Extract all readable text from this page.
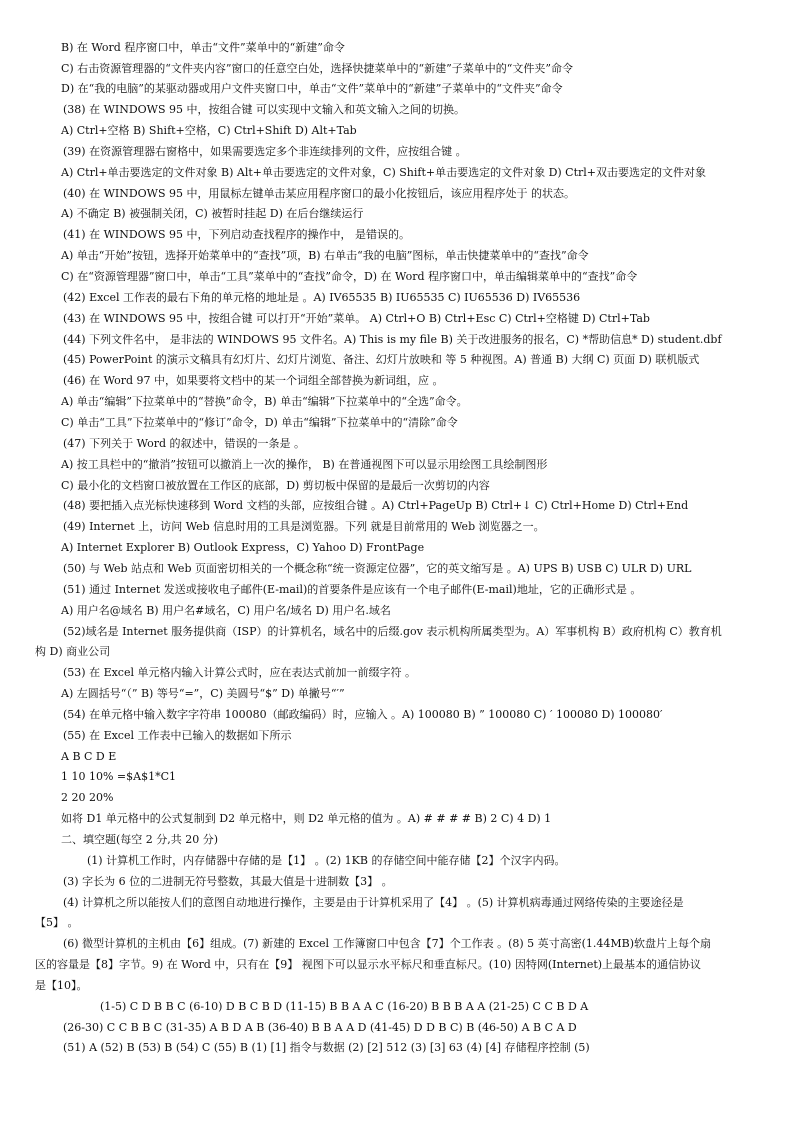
B) 在 Word 程序窗口中，单击“文件”菜单中的“新建”命令
C) 右击资源管理器的“文件夹内容”窗口的任意空白处，选择快捷菜单中的“新建”子菜单中的“文件夹”命令
D) 在“我的电脑”的某驱动器或用户文件夹窗口中，单击“文件”菜单中的“新建”子菜单中的“文件夹”命令
(38) 在 WINDOWS 95 中，按组合键 可以实现中文输入和英文输入之间的切换。
A) Ctrl+空格 B) Shift+空格，C) Ctrl+Shift D) Alt+Tab
(39) 在资源管理器右窗格中，如果需要选定多个非连续排列的文件，应按组合键 。
A) Ctrl+单击要选定的文件对象 B) Alt+单击要选定的文件对象，C) Shift+单击要选定的文件对象 D) Ctrl+双击要选定的文件对象
(40) 在 WINDOWS 95 中，用鼠标左键单击某应用程序窗口的最小化按钮后，该应用程序处于 的状态。
A) 不确定 B) 被强制关闭，C) 被暂时挂起 D) 在后台继续运行
(41) 在 WINDOWS 95 中，下列启动查找程序的操作中， 是错误的。
A) 单击“开始”按钮，选择开始菜单中的“查找”项，B) 右单击“我的电脑”图标，单击快捷菜单中的“查找”命令
C) 在“资源管理器”窗口中，单击“工具”菜单中的“查找”命令，D) 在 Word 程序窗口中，单击编辑菜单中的“查找”命令
(42) Excel 工作表的最右下角的单元格的地址是 。A) IV65535 B) IU65535 C) IU65536 D) IV65536
(43) 在 WINDOWS 95 中，按组合键 可以打开“开始”菜单。 A) Ctrl+O B) Ctrl+Esc C) Ctrl+空格键 D) Ctrl+Tab
(44) 下列文件名中， 是非法的 WINDOWS 95 文件名。A) This is my file B) 关于改进服务的报名，C) *帮助信息* D) student.dbf
(45) PowerPoint 的演示文稿具有幻灯片、幻灯片浏览、备注、幻灯片放映和 等 5 种视图。A) 普通 B) 大纲 C) 页面 D) 联机版式
(46) 在 Word 97 中，如果要将文档中的某一个词组全部替换为新词组，应 。
A) 单击“编辑”下拉菜单中的“替换”命令，B) 单击“编辑”下拉菜单中的“全选”命令。
C) 单击“工具”下拉菜单中的“修订”命令，D) 单击“编辑”下拉菜单中的“清除”命令
(47) 下列关于 Word 的叙述中，错误的一条是 。
A) 按工具栏中的“撤消”按钮可以撤消上一次的操作， B) 在普通视图下可以显示用绘图工具绘制图形
C) 最小化的文档窗口被放置在工作区的底部，D) 剪切板中保留的是最后一次剪切的内容
(48) 要把插入点光标快速移到 Word 文档的头部，应按组合键 。A) Ctrl+PageUp B) Ctrl+↓ C) Ctrl+Home D) Ctrl+End
(49) Internet 上，访问 Web 信息时用的工具是浏览器。下列 就是目前常用的 Web 浏览器之一。
A) Internet Explorer B) Outlook Express，C) Yahoo D) FrontPage
(50) 与 Web 站点和 Web 页面密切相关的一个概念称“统一资源定位器”，它的英文缩写是 。A) UPS B) USB C) ULR D) URL
(51) 通过 Internet 发送或接收电子邮件(E-mail)的首要条件是应该有一个电子邮件(E-mail)地址，它的正确形式是 。
A) 用户名@域名 B) 用户名#域名，C) 用户名/域名 D) 用户名.域名
(52)域名是 Internet 服务提供商（ISP）的计算机名，域名中的后缀.gov 表示机构所属类型为。A）军事机构 B）政府机构 C）教育机
构 D) 商业公司
(53) 在 Excel 单元格内输入计算公式时，应在表达式前加一前缀字符 。
A) 左圆括号“（” B) 等号“=”，C) 美圆号“$” D) 单撇号“′”
(54) 在单元格中输入数字字符串 100080（邮政编码）时，应输入 。A) 100080 B) ” 100080 C) ′ 100080 D) 100080′
(55) 在 Excel 工作表中已输入的数据如下所示
A B C D E
1 10 10% =$A$1*C1
2 20 20%
如将 D1 单元格中的公式复制到 D2 单元格中，则 D2 单元格的值为 。A) # # # # B) 2 C) 4 D) 1
二、填空题(每空 2 分,共 20 分)
(1) 计算机工作时，内存储器中存储的是【1】 。(2) 1KB 的存储空间中能存储【2】个汉字内码。
(3) 字长为 6 位的二进制无符号整数，其最大值是十进制数【3】 。
(4) 计算机之所以能按人们的意图自动地进行操作，主要是由于计算机采用了【4】 。(5) 计算机病毒通过网络传染的主要途径是
【5】 。
(6) 微型计算机的主机由【6】组成。(7) 新建的 Excel 工作簿窗口中包含【7】个工作表 。(8) 5 英寸高密(1.44MB)软盘片上每个扇
区的容量是【8】字节。9) 在 Word 中，只有在【9】 视图下可以显示水平标尺和垂直标尺。(10) 因特网(Internet)上最基本的通信协议
是【10】。
(1-5) C D B B C (6-10) D B C B D (11-15) B B A A C (16-20) B B B A A (21-25) C C B D A
(26-30) C C B B C (31-35) A B D A B (36-40) B B A A D (41-45) D D B C) B (46-50) A B C A D
(51) A (52) B (53) B (54) C (55) B (1) [1] 指令与数据 (2) [2] 512 (3) [3] 63 (4) [4] 存储程序控制 (5)
